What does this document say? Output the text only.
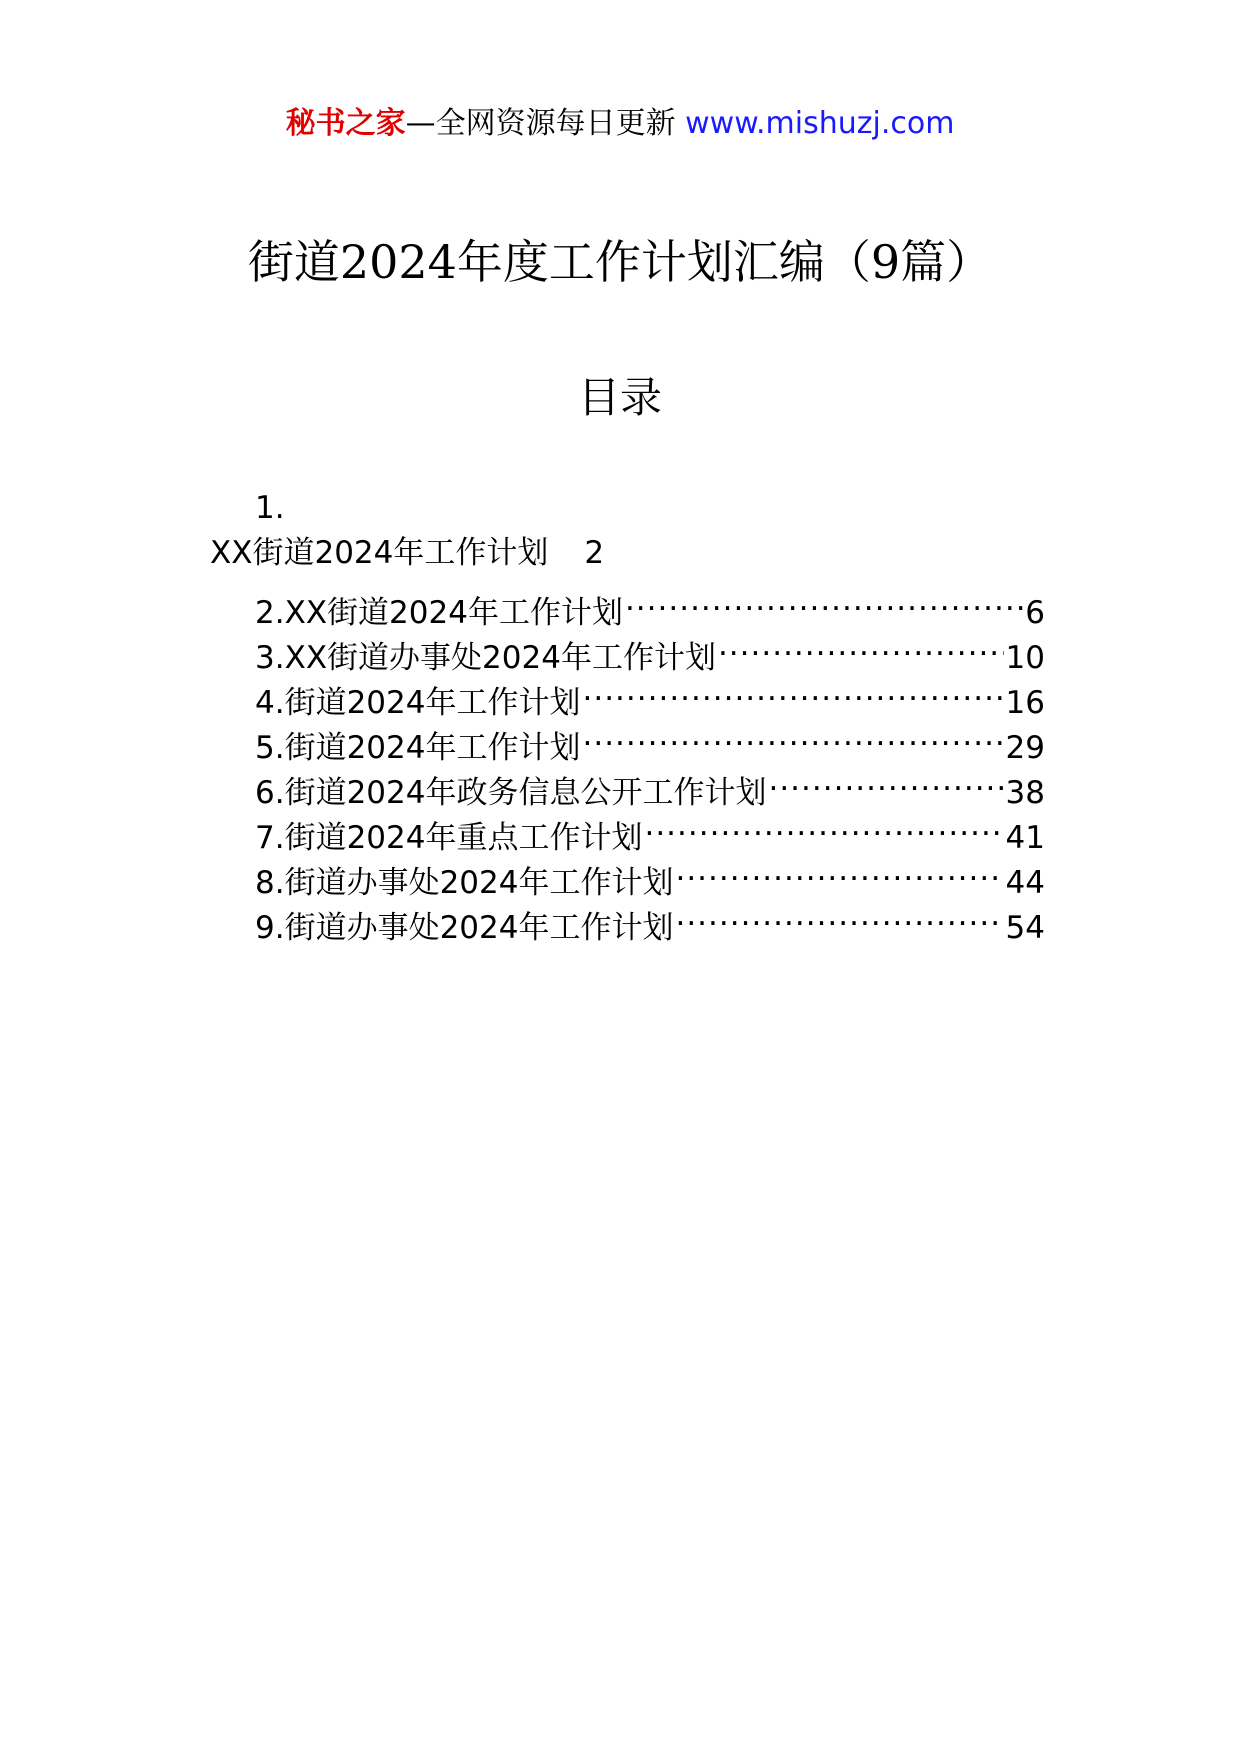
秘书之家—全网资源每日更新 www.mishuzj.com
街道2024年度工作计划汇编（9篇）
目录
1.
XX街道2024年工作计划 2
2.XX街道2024年工作计划 .....	6
3.XX街道办事处2024年工作计划 .....	10
4.街道2024年工作计划 .....	16
5.街道2024年工作计划 .....	29
6.街道2024年政务信息公开工作计划 .....	38
7.街道2024年重点工作计划 .....	41
8.街道办事处2024年工作计划 .....	44
9.街道办事处2024年工作计划 .....	54
